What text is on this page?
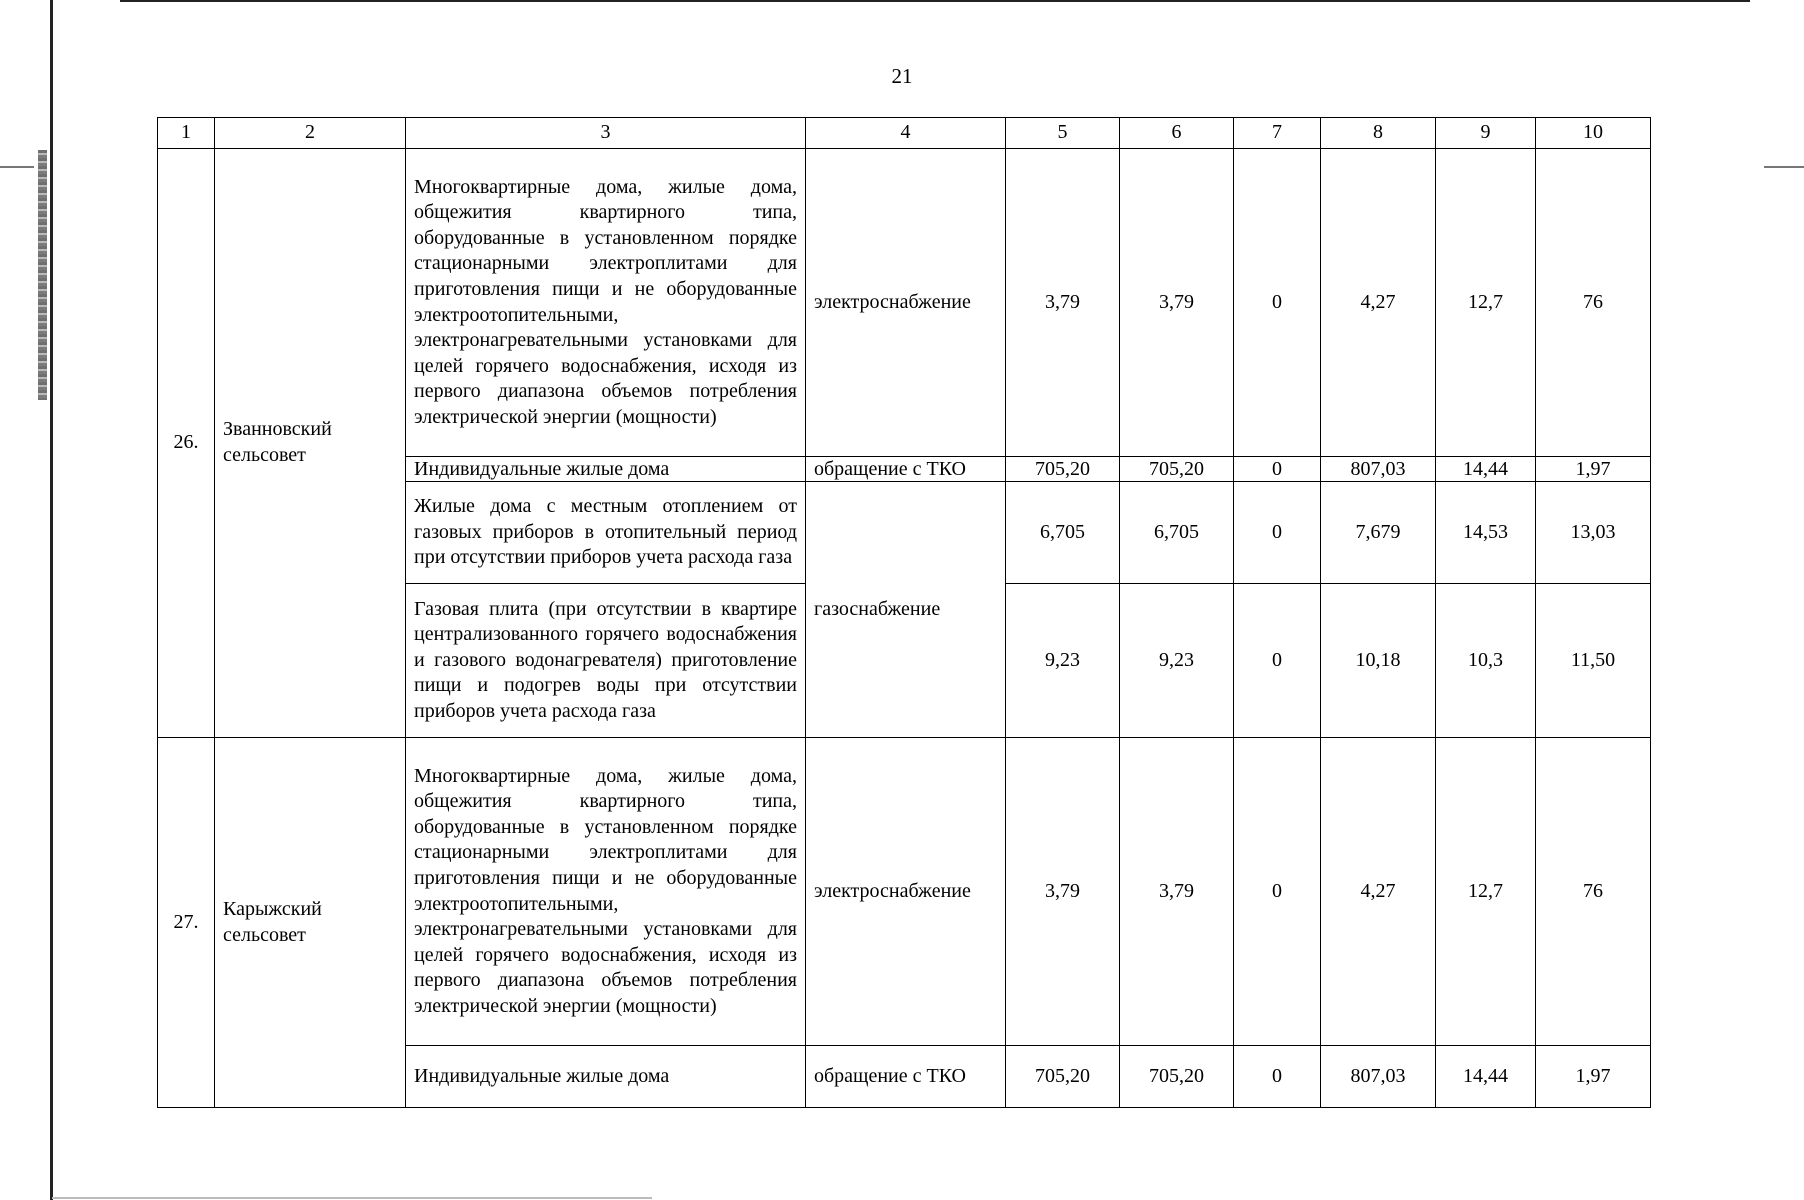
21
1	2	3	4	5	6	7	8	9	10
26.	Званновский сельсовет	Многоквартирные дома, жилые дома, общежития квартирного типа, оборудованные в установленном порядке стационарными электроплитами для приготовления пищи и не оборудованные электроотопительными, электронагревательными установками для целей горячего водоснабжения, исходя из первого диапазона объемов потребления электрической энергии (мощности)	электроснабжение	3,79	3,79	0	4,27	12,7	76
		Индивидуальные жилые дома	обращение с ТКО	705,20	705,20	0	807,03	14,44	1,97
		Жилые дома с местным отоплением от газовых приборов в отопительный период при отсутствии приборов учета расхода газа	газоснабжение	6,705	6,705	0	7,679	14,53	13,03
		Газовая плита (при отсутствии в квартире централизованного горячего водоснабжения и газового водонагревателя) приготовление пищи и подогрев воды при отсутствии приборов учета расхода газа		9,23	9,23	0	10,18	10,3	11,50
27.	Карыжский сельсовет	Многоквартирные дома, жилые дома, общежития квартирного типа, оборудованные в установленном порядке стационарными электроплитами для приготовления пищи и не оборудованные электроотопительными, электронагревательными установками для целей горячего водоснабжения, исходя из первого диапазона объемов потребления электрической энергии (мощности)	электроснабжение	3,79	3,79	0	4,27	12,7	76
		Индивидуальные жилые дома	обращение с ТКО	705,20	705,20	0	807,03	14,44	1,97
